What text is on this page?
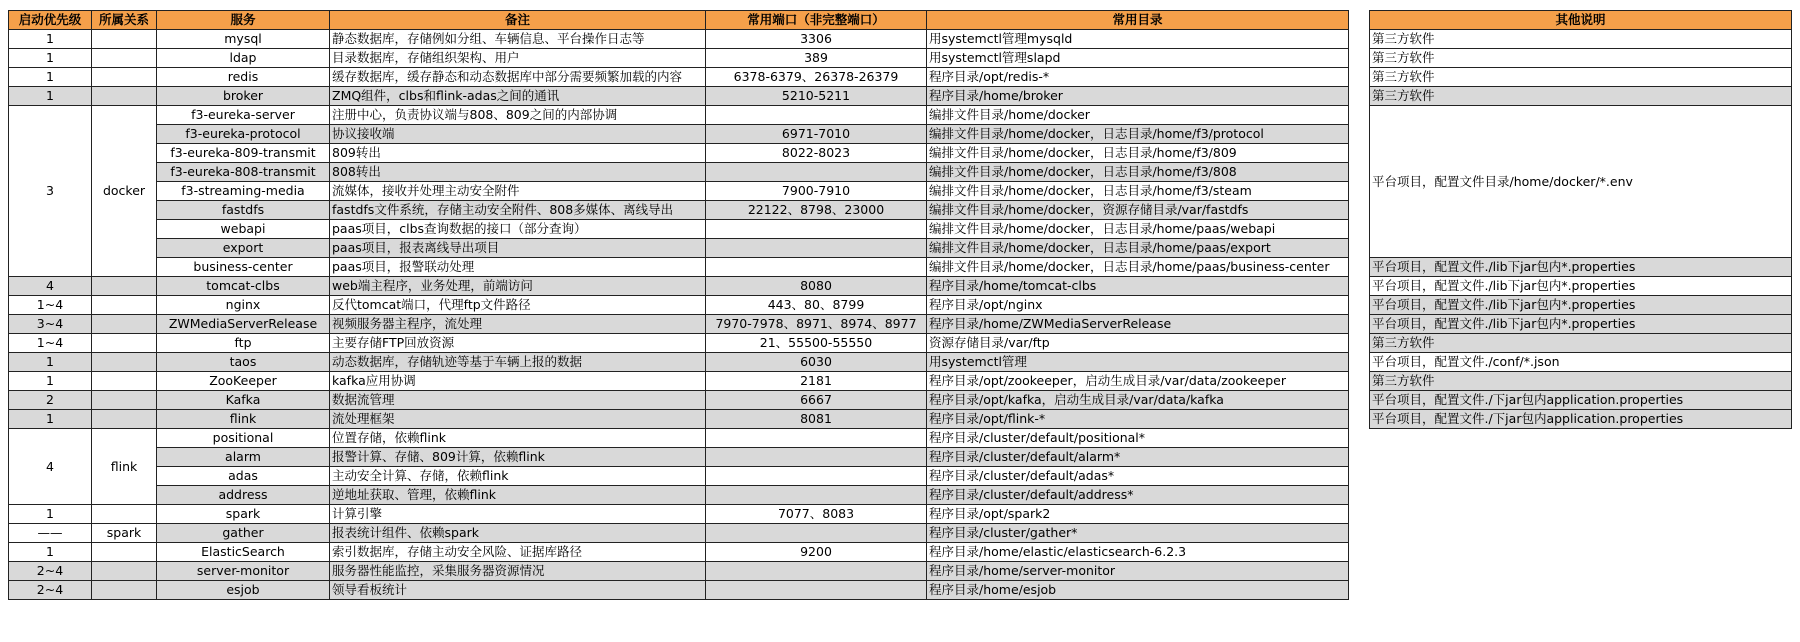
启动优先级	所属关系	服务	备注	常用端口（非完整端口）	常用目录
1		mysql	静态数据库，存储例如分组、车辆信息、平台操作日志等	3306	用systemctl管理mysqld
1		ldap	目录数据库，存储组织架构、用户	389	用systemctl管理slapd
1		redis	缓存数据库，缓存静态和动态数据库中部分需要频繁加载的内容	6378-6379、26378-26379	程序目录/opt/redis-*
1		broker	ZMQ组件，clbs和flink-adas之间的通讯	5210-5211	程序目录/home/broker
3	docker	f3-eureka-server	注册中心，负责协议端与808、809之间的内部协调		编排文件目录/home/docker
		f3-eureka-protocol	协议接收端	6971-7010	编排文件目录/home/docker，日志目录/home/f3/protocol
		f3-eureka-809-transmit	809转出	8022-8023	编排文件目录/home/docker，日志目录/home/f3/809
		f3-eureka-808-transmit	808转出		编排文件目录/home/docker，日志目录/home/f3/808
		f3-streaming-media	流媒体，接收并处理主动安全附件	7900-7910	编排文件目录/home/docker，日志目录/home/f3/steam
		fastdfs	fastdfs文件系统，存储主动安全附件、808多媒体、离线导出	22122、8798、23000	编排文件目录/home/docker，资源存储目录/var/fastdfs
		webapi	paas项目，clbs查询数据的接口（部分查询）		编排文件目录/home/docker，日志目录/home/paas/webapi
		export	paas项目，报表离线导出项目		编排文件目录/home/docker，日志目录/home/paas/export
		business-center	paas项目，报警联动处理		编排文件目录/home/docker，日志目录/home/paas/business-center
4		tomcat-clbs	web端主程序，业务处理，前端访问	8080	程序目录/home/tomcat-clbs
1~4		nginx	反代tomcat端口，代理ftp文件路径	443、80、8799	程序目录/opt/nginx
3~4		ZWMediaServerRelease	视频服务器主程序，流处理	7970-7978、8971、8974、8977	程序目录/home/ZWMediaServerRelease
1~4		ftp	主要存储FTP回放资源	21、55500-55550	资源存储目录/var/ftp
1		taos	动态数据库，存储轨迹等基于车辆上报的数据	6030	用systemctl管理
1		ZooKeeper	kafka应用协调	2181	程序目录/opt/zookeeper，启动生成目录/var/data/zookeeper
2		Kafka	数据流管理	6667	程序目录/opt/kafka，启动生成目录/var/data/kafka
1		flink	流处理框架	8081	程序目录/opt/flink-*
4	flink	positional	位置存储，依赖flink		程序目录/cluster/default/positional*
		alarm	报警计算、存储、809计算，依赖flink		程序目录/cluster/default/alarm*
		adas	主动安全计算、存储，依赖flink		程序目录/cluster/default/adas*
		address	逆地址获取、管理，依赖flink		程序目录/cluster/default/address*
1		spark	计算引擎	7077、8083	程序目录/opt/spark2
——	spark	gather	报表统计组件、依赖spark		程序目录/cluster/gather*
1		ElasticSearch	索引数据库，存储主动安全风险、证据库路径	9200	程序目录/home/elastic/elasticsearch-6.2.3
2~4		server-monitor	服务器性能监控，采集服务器资源情况		程序目录/home/server-monitor
2~4		esjob	领导看板统计		程序目录/home/esjob
其他说明
第三方软件
第三方软件
第三方软件
第三方软件
平台项目，配置文件目录/home/docker/*.env

平台项目，配置文件./lib下jar包内*.properties
平台项目，配置文件./lib下jar包内*.properties
平台项目，配置文件./lib下jar包内*.properties
平台项目，配置文件./lib下jar包内*.properties
第三方软件
平台项目，配置文件./conf/*.json
第三方软件
平台项目，配置文件./下jar包内application.properties
平台项目，配置文件./下jar包内application.properties
